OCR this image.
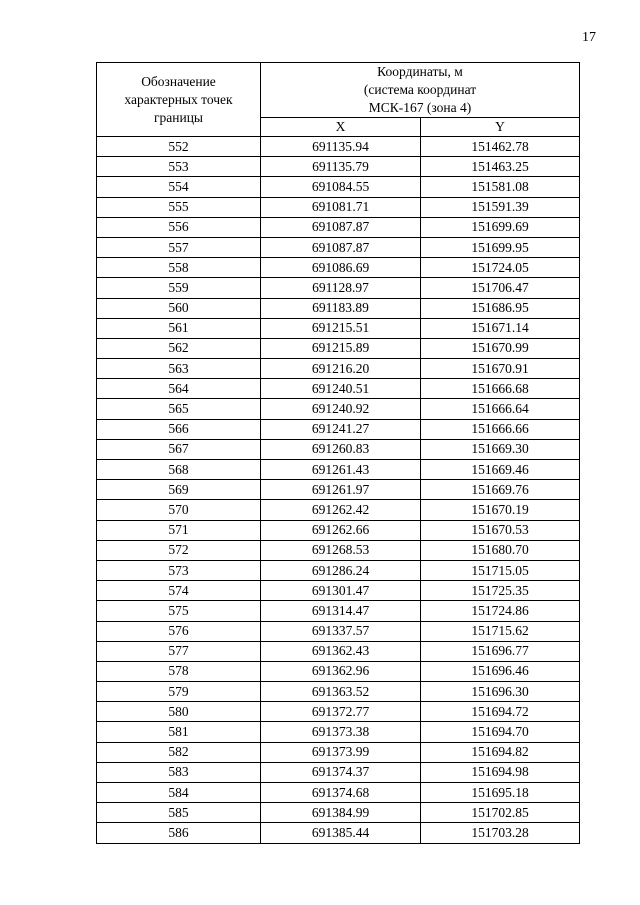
17
Обозначение
характерных точек
границы	Координаты, м
(система координат
МСК-167 (зона 4)	

	X	Y
552	691135.94	151462.78
553	691135.79	151463.25
554	691084.55	151581.08
555	691081.71	151591.39
556	691087.87	151699.69
557	691087.87	151699.95
558	691086.69	151724.05
559	691128.97	151706.47
560	691183.89	151686.95
561	691215.51	151671.14
562	691215.89	151670.99
563	691216.20	151670.91
564	691240.51	151666.68
565	691240.92	151666.64
566	691241.27	151666.66
567	691260.83	151669.30
568	691261.43	151669.46
569	691261.97	151669.76
570	691262.42	151670.19
571	691262.66	151670.53
572	691268.53	151680.70
573	691286.24	151715.05
574	691301.47	151725.35
575	691314.47	151724.86
576	691337.57	151715.62
577	691362.43	151696.77
578	691362.96	151696.46
579	691363.52	151696.30
580	691372.77	151694.72
581	691373.38	151694.70
582	691373.99	151694.82
583	691374.37	151694.98
584	691374.68	151695.18
585	691384.99	151702.85
586	691385.44	151703.28
